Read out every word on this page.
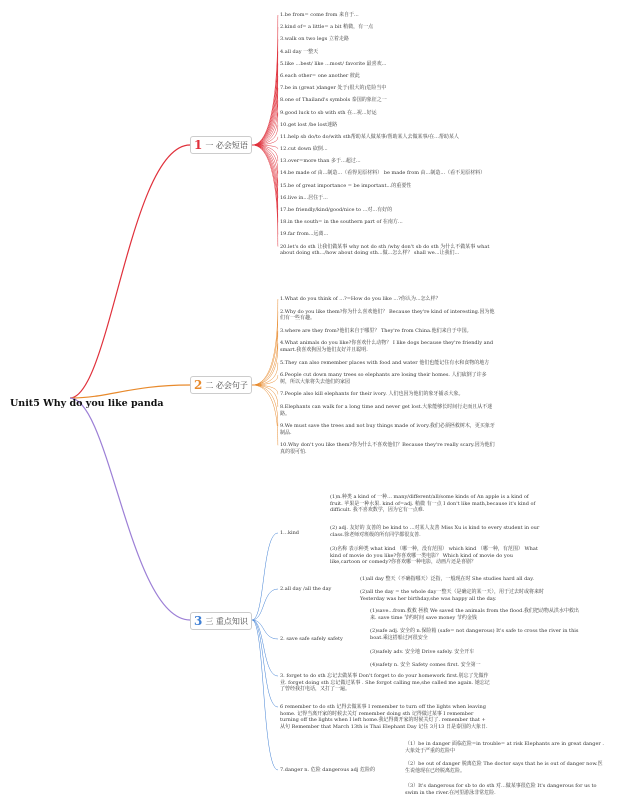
Unit5 Why do you like panda
1 一 必会短语
2 二 必会句子
3 三 重点知识
1.be from= come from 来自于...
2.kind of= a little= a bit 稍微，有一点
3.walk on two legs 立着走路
4.all day 一整天
5.like ...best/ like ...most/ favorite 最喜欢...
6.each other= one another 彼此
7.be in (great )danger 处于(很大的)危险当中
8.one of Thailand's symbols 泰国的象征之一
9.good luck to sb with sth 在...祝...好运
10.get lost /be lost迷路
11.help sb do/to do/with sth帮助某人做某事/帮助某人去做某事/在...帮助某人
12.cut down 砍倒...
13.over=more than 多于...超过...
14.be made of 由...制造...（看得见原材料） be made from 由...制造...（看不见原材料）
15.be of great importance = be important...的重要性
16.live in...居住于...
17.be friendly/kind/good/nice to ...对...有好的
18.in the south= in the southern part of 在南方...
19.far from...远离...
20.let's do sth 让我们做某事 why not do sth /why don't sb do sth 为什么不做某事 what about doing sth.../how about doing sth...做...怎么样？ shall we...让我们...
1.What do you think of ...?=How do you like ...?你认为...怎么样？
2.Why do you like them?你为什么喜欢他们？ Because they're kind of interesting.因为他们有一些有趣。
3.where are they from?他们来自于哪里？ They're from China.他们来自于中国。
4.What animals do you like?你喜欢什么动物？ I like dogs because they're friendly and smart.我喜欢狗因为他们友好并且聪明.
5.They can also remember places with food and water 他们也能记住有水和食物的地方
6.People cut down many trees so elephants are losing their homes. 人们砍倒了许多树，所以大象将失去他们的家园
7.People also kill elephants for their ivory. 人们也因为他们的象牙捕杀大象。
8.Elephants can walk for a long time and never get lost.大象能够长时间行走而且从不迷路。
9.We must save the trees and not buy things made of ivory.我们必须拯救树木，更买象牙制品.
10.Why don't you like them?你为什么不喜欢他们？Because they're really scary.因为他们真的很可怕.
1...kind
(1)n.种类 a kind of 一种... many/different/all/some kinds of An apple is a kind of fruit. 苹果是一种水果. kind of=adj. 稍微 有一点 I don't like math,because it's kind of difficult. 我不喜欢数学，因为它有一点难.
(2) adj. 友好的 友善的 be kind to ...对某人友善 Miss Xu is kind to every student in our class.徐老师对班级的所有同学都很友善.
(3)名称 表示种类 what kind （哪一种，没有范围） which kind （哪一种，有范围） What kind of movie do you like?你喜欢哪一类电影？ Which kind of movie do you like,cartoon or comedy?你喜欢哪一种电影，动画片还是喜剧？
2.all day /all the day
(1)all day 整天（不确指哪天）泛指，一般现在时 She studies hard all day.
(2)all the day = the whole day一整天（是确定的某一天），用于过去时或将来时 Yesterday was her birthday,she was happy all the day.
2. save safe safely safety
(1)save...from.救救 拯救 We saved the animals from the flood.我们把动物从洪水中救出来. save time 节约时间 save money 节约金钱
(2)safe adj. 安全的 n.保险箱 (safe= not dangerous) It's safe to cross the river in this boat.乘这搭船过河很安全
(3)safely adv. 安全地 Drive safely. 安全开车
(4)safety n. 安全 Safety comes first. 安全第一
3. forget to do sth 忘记去做某事 Don't forget to do your homework first.别忘了先做作业. forget doing sth 忘记做过某事 . She forgot calling me,she called me again. 她忘记了曾经我打电话，又打了一遍。
6 remember to do sth 记得去做某事 I remember to turn off the lights when leaving home. 记得当离开家的时候去关灯 remember doing sth 记得做过某事 I remember turning off the lights when I left home.我记得离开家的时候关灯了. remember that + 从句 Remember that March 13th is Thai Elephant Day 记住 3月13 日是泰国的大象日.
7.danger n. 危险 dangerous adj 危险的
（1）be in danger 面临危险=in trouble= at risk Elephants are in great danger .大象处于严重的危险中
（2）be out of danger 脱离危险 The doctor says that he is out of danger now.医生说他现在已经脱离危险。
（3）It's dangerous for sb to do sth 对...做某事很危险 It's dangerous for us to swim in the river.在河里游泳非常危险.
